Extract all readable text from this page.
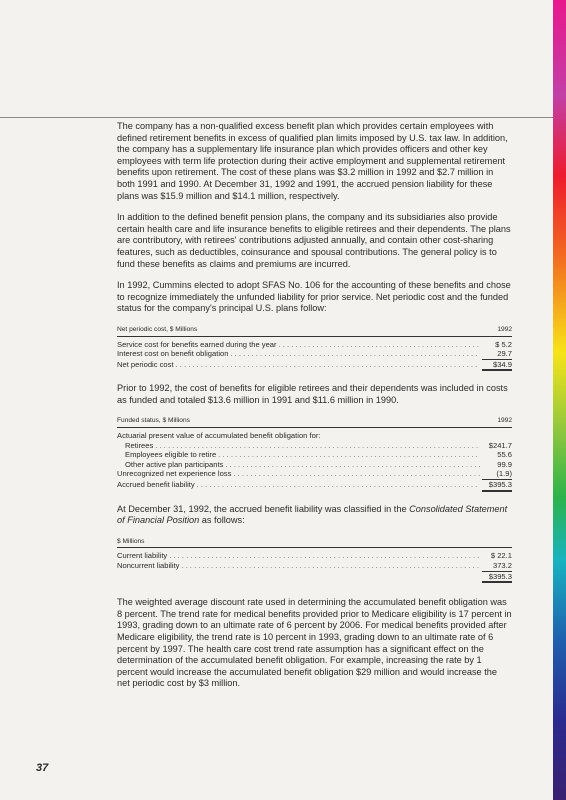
The company has a non-qualified excess benefit plan which provides certain employees with defined retirement benefits in excess of qualified plan limits imposed by U.S. tax law. In addition, the company has a supplementary life insurance plan which provides officers and other key employees with term life protection during their active employment and supplemental retirement benefits upon retirement. The cost of these plans was $3.2 million in 1992 and $2.7 million in both 1991 and 1990. At December 31, 1992 and 1991, the accrued pension liability for these plans was $15.9 million and $14.1 million, respectively.

In addition to the defined benefit pension plans, the company and its subsidiaries also provide certain health care and life insurance benefits to eligible retirees and their dependents. The plans are contributory, with retirees' contributions adjusted annually, and contain other cost-sharing features, such as deductibles, coinsurance and spousal contributions. The general policy is to fund these benefits as claims and premiums are incurred.

In 1992, Cummins elected to adopt SFAS No. 106 for the accounting of these benefits and chose to recognize immediately the unfunded liability for prior service. Net periodic cost and the funded status for the company's principal U.S. plans follow:

Net periodic cost, $ Millions	1992
Service cost for benefits earned during the year . . .	$ 5.2
Interest cost on benefit obligation . . .	29.7
Net periodic cost . . .	$34.9

Prior to 1992, the cost of benefits for eligible retirees and their dependents was included in costs as funded and totaled $13.6 million in 1991 and $11.6 million in 1990.

Funded status, $ Millions	1992
Actuarial present value of accumulated benefit obligation for:
Retirees . . .	$241.7
Employees eligible to retire . . .	55.6
Other active plan participants . . .	99.9
Unrecognized net experience loss . . .	(1.9)
Accrued benefit liability . . .	$395.3

At December 31, 1992, the accrued benefit liability was classified in the Consolidated Statement of Financial Position as follows:

$ Millions
Current liability . . .	$ 22.1
Noncurrent liability . . .	373.2
$395.3

The weighted average discount rate used in determining the accumulated benefit obligation was 8 percent. The trend rate for medical benefits provided prior to Medicare eligibility is 17 percent in 1993, grading down to an ultimate rate of 6 percent by 2006. For medical benefits provided after Medicare eligibility, the trend rate is 10 percent in 1993, grading down to an ultimate rate of 6 percent by 1997. The health care cost trend rate assumption has a significant effect on the determination of the accumulated benefit obligation. For example, increasing the rate by 1 percent would increase the accumulated benefit obligation $29 million and would increase the net periodic cost by $3 million.

37
